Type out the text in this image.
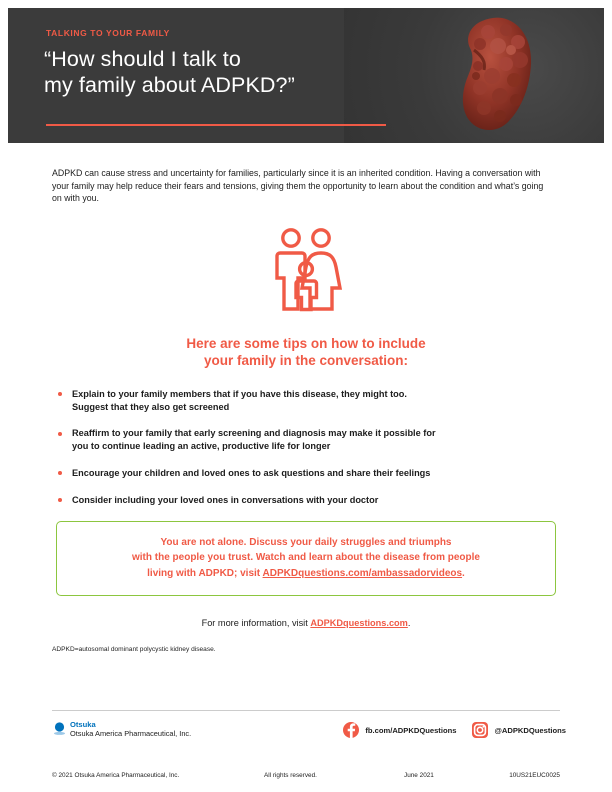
TALKING TO YOUR FAMILY
“How should I talk to
my family about ADPKD?”

ADPKD can cause stress and uncertainty for families, particularly since it is an inherited condition. Having a conversation with your family may help reduce their fears and tensions, giving them the opportunity to learn about the condition and what’s going on with you.

Here are some tips on how to include
your family in the conversation:
Explain to your family members that if you have this disease, they might too.
Suggest that they also get screened
Reaffirm to your family that early screening and diagnosis may make it possible for
you to continue leading an active, productive life for longer
Encourage your children and loved ones to ask questions and share their feelings
Consider including your loved ones in conversations with your doctor

You are not alone. Discuss your daily struggles and triumphs
with the people you trust. Watch and learn about the disease from people
living with ADPKD; visit ADPKDquestions.com/ambassadorvideos.

For more information, visit ADPKDquestions.com.
ADPKD=autosomal dominant polycystic kidney disease.
Otsuka
Otsuka America Pharmaceutical, Inc.	fb.com/ADPKDQuestions	@ADPKDQuestions
© 2021 Otsuka America Pharmaceutical, Inc.	All rights reserved.	June 2021	10US21EUC0025
